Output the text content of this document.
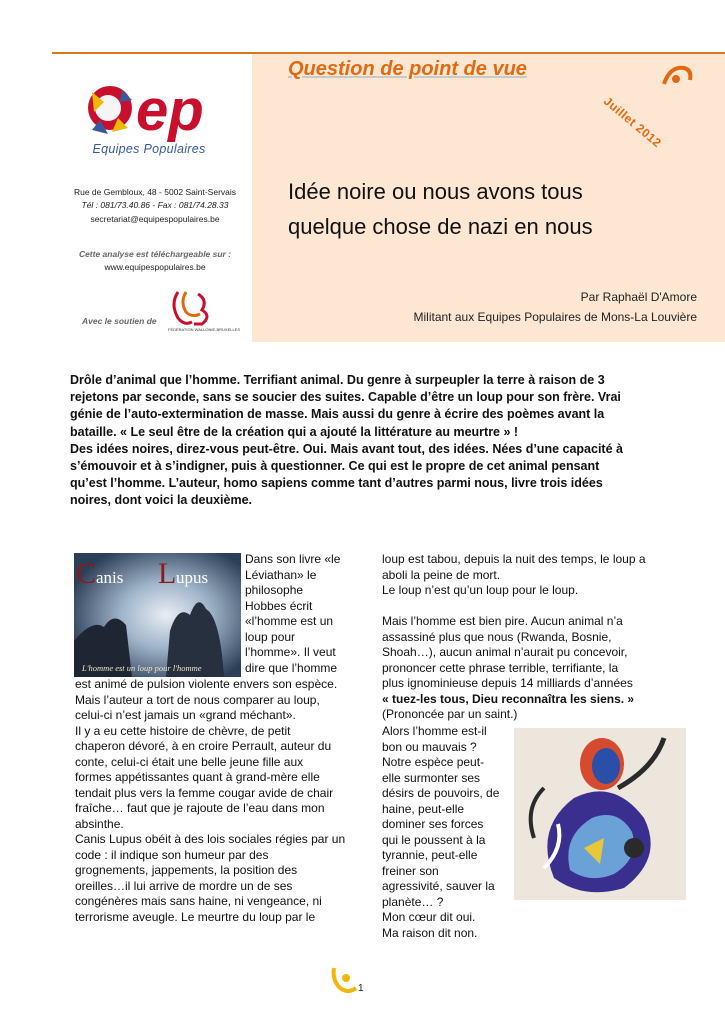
ep
Equipes Populaires
Rue de Gembloux, 48 - 5002 Saint-Servais
Tél : 081/73.40.86 - Fax : 081/74.28.33
secretariat@equipespopulaires.be
Cette analyse est téléchargeable sur :
www.equipespopulaires.be
Avec le soutien de
FÉDÉRATION WALLONIE-BRUXELLES
Question de point de vue
Juillet 2012
Idée noire ou nous avons tous
quelque chose de nazi en nous
Par Raphaël D'Amore
Militant aux Equipes Populaires de Mons-La Louvière

Drôle d’animal que l’homme. Terrifiant animal. Du genre à surpeupler la terre à raison de 3

rejetons par seconde, sans se soucier des suites. Capable d’être un loup pour son frère. Vrai

génie de l’auto-extermination de masse. Mais aussi du genre à écrire des poèmes avant la

bataille. « Le seul être de la création qui a ajouté la littérature au meurtre » !

Des idées noires, direz-vous peut-être. Oui. Mais avant tout, des idées. Nées d’une capacité à

s’émouvoir et à s’indigner, puis à questionner. Ce qui est le propre de cet animal pensant

qu’est l’homme. L’auteur, homo sapiens comme tant d’autres parmi nous, livre trois idées

noires, dont voici la deuxième.

C anis L upus
L'homme est un loup pour l'homme

Dans son livre «le

Léviathan» le

philosophe

Hobbes écrit

«l’homme est un

loup pour

l’homme». Il veut

dire que l’homme

est animé de pulsion violente envers son espèce.

Mais l’auteur a tort de nous comparer au loup,

celui-ci n’est jamais un «grand méchant».

Il y a eu cette histoire de chèvre, de petit

chaperon dévoré, à en croire Perrault, auteur du

conte, celui-ci était une belle jeune fille aux

formes appétissantes quant à grand-mère elle

tendait plus vers la femme cougar avide de chair

fraîche… faut que je rajoute de l’eau dans mon

absinthe.

Canis Lupus obéit à des lois sociales régies par un

code : il indique son humeur par des

grognements, jappements, la position des

oreilles…il lui arrive de mordre un de ses

congénères mais sans haine, ni vengeance, ni

terrorisme aveugle. Le meurtre du loup par le

loup est tabou, depuis la nuit des temps, le loup a

aboli la peine de mort.

Le loup n’est qu’un loup pour le loup.

Mais l’homme est bien pire. Aucun animal n’a

assassiné plus que nous (Rwanda, Bosnie,

Shoah…), aucun animal n’aurait pu concevoir,

prononcer cette phrase terrible, terrifiante, la

plus ignominieuse depuis 14 milliards d’années

« tuez-les tous, Dieu reconnaîtra les siens. »

(Prononcée par un saint.)

Alors l’homme est-il

bon ou mauvais ?

Notre espèce peut-

elle surmonter ses

désirs de pouvoirs, de

haine, peut-elle

dominer ses forces

qui le poussent à la

tyrannie, peut-elle

freiner son

agressivité, sauver la

planète… ?

Mon cœur dit oui.

Ma raison dit non.

1
